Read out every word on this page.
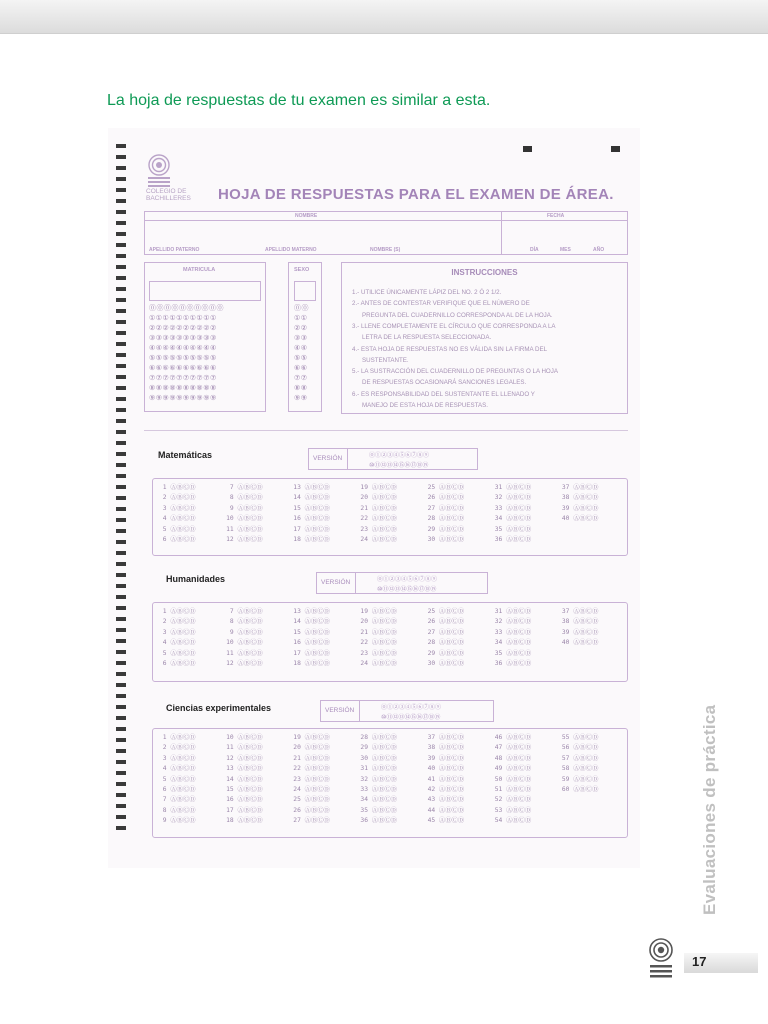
La hoja de respuestas de tu examen es similar a esta.
COLEGIO DE BACHILLERES	HOJA DE RESPUESTAS PARA EL EXAMEN DE ÁREA.
NOMBRE	FECHA
APELLIDO PATERNO	APELLIDO MATERNO	NOMBRE (S)	DÍA	MES	AÑO
MATRICULA
⓪⓪⓪⓪⓪⓪⓪⓪⓪⓪
①①①①①①①①①①
②②②②②②②②②②
③③③③③③③③③③
④④④④④④④④④④
⑤⑤⑤⑤⑤⑤⑤⑤⑤⑤
⑥⑥⑥⑥⑥⑥⑥⑥⑥⑥
⑦⑦⑦⑦⑦⑦⑦⑦⑦⑦
⑧⑧⑧⑧⑧⑧⑧⑧⑧⑧
⑨⑨⑨⑨⑨⑨⑨⑨⑨⑨
SEXO
⓪⓪
①①
②②
③③
④④
⑤⑤
⑥⑥
⑦⑦
⑧⑧
⑨⑨
INSTRUCCIONES
1.- UTILICE ÚNICAMENTE LÁPIZ DEL NO. 2 Ó 2 1/2.
2.- ANTES DE CONTESTAR VERIFIQUE QUE EL NÚMERO DE
PREGUNTA DEL CUADERNILLO CORRESPONDA AL DE LA HOJA.
3.- LLENE COMPLETAMENTE EL CÍRCULO QUE CORRESPONDA A LA
LETRA DE LA RESPUESTA SELECCIONADA.
4.- ESTA HOJA DE RESPUESTAS NO ES VÁLIDA SIN LA FIRMA DEL
SUSTENTANTE.
5.- LA SUSTRACCIÓN DEL CUADERNILLO DE PREGUNTAS O LA HOJA
DE RESPUESTAS OCASIONARÁ SANCIONES LEGALES.
6.- ES RESPONSABILIDAD DEL SUSTENTANTE EL LLENADO Y
MANEJO DE ESTA HOJA DE RESPUESTAS.
Matemáticas	VERSIÓN	⓪①②③④⑤⑥⑦⑧⑨
⑩⑪⑫⑬⑭⑮⑯⑰⑱⑲
 1 ⒶⒷⒸⒹ
 2 ⒶⒷⒸⒹ
 3 ⒶⒷⒸⒹ
 4 ⒶⒷⒸⒹ
 5 ⒶⒷⒸⒹ
 6 ⒶⒷⒸⒹ
 7 ⒶⒷⒸⒹ
 8 ⒶⒷⒸⒹ
 9 ⒶⒷⒸⒹ
10 ⒶⒷⒸⒹ
11 ⒶⒷⒸⒹ
12 ⒶⒷⒸⒹ
13 ⒶⒷⒸⒹ
14 ⒶⒷⒸⒹ
15 ⒶⒷⒸⒹ
16 ⒶⒷⒸⒹ
17 ⒶⒷⒸⒹ
18 ⒶⒷⒸⒹ
19 ⒶⒷⒸⒹ
20 ⒶⒷⒸⒹ
21 ⒶⒷⒸⒹ
22 ⒶⒷⒸⒹ
23 ⒶⒷⒸⒹ
24 ⒶⒷⒸⒹ
25 ⒶⒷⒸⒹ
26 ⒶⒷⒸⒹ
27 ⒶⒷⒸⒹ
28 ⒶⒷⒸⒹ
29 ⒶⒷⒸⒹ
30 ⒶⒷⒸⒹ
31 ⒶⒷⒸⒹ
32 ⒶⒷⒸⒹ
33 ⒶⒷⒸⒹ
34 ⒶⒷⒸⒹ
35 ⒶⒷⒸⒹ
36 ⒶⒷⒸⒹ
37 ⒶⒷⒸⒹ
38 ⒶⒷⒸⒹ
39 ⒶⒷⒸⒹ
40 ⒶⒷⒸⒹ
Humanidades	VERSIÓN	⓪①②③④⑤⑥⑦⑧⑨
⑩⑪⑫⑬⑭⑮⑯⑰⑱⑲
 1 ⒶⒷⒸⒹ
 2 ⒶⒷⒸⒹ
 3 ⒶⒷⒸⒹ
 4 ⒶⒷⒸⒹ
 5 ⒶⒷⒸⒹ
 6 ⒶⒷⒸⒹ
 7 ⒶⒷⒸⒹ
 8 ⒶⒷⒸⒹ
 9 ⒶⒷⒸⒹ
10 ⒶⒷⒸⒹ
11 ⒶⒷⒸⒹ
12 ⒶⒷⒸⒹ
13 ⒶⒷⒸⒹ
14 ⒶⒷⒸⒹ
15 ⒶⒷⒸⒹ
16 ⒶⒷⒸⒹ
17 ⒶⒷⒸⒹ
18 ⒶⒷⒸⒹ
19 ⒶⒷⒸⒹ
20 ⒶⒷⒸⒹ
21 ⒶⒷⒸⒹ
22 ⒶⒷⒸⒹ
23 ⒶⒷⒸⒹ
24 ⒶⒷⒸⒹ
25 ⒶⒷⒸⒹ
26 ⒶⒷⒸⒹ
27 ⒶⒷⒸⒹ
28 ⒶⒷⒸⒹ
29 ⒶⒷⒸⒹ
30 ⒶⒷⒸⒹ
31 ⒶⒷⒸⒹ
32 ⒶⒷⒸⒹ
33 ⒶⒷⒸⒹ
34 ⒶⒷⒸⒹ
35 ⒶⒷⒸⒹ
36 ⒶⒷⒸⒹ
37 ⒶⒷⒸⒹ
38 ⒶⒷⒸⒹ
39 ⒶⒷⒸⒹ
40 ⒶⒷⒸⒹ
Ciencias experimentales	VERSIÓN	⓪①②③④⑤⑥⑦⑧⑨
⑩⑪⑫⑬⑭⑮⑯⑰⑱⑲
 1 ⒶⒷⒸⒹ
 2 ⒶⒷⒸⒹ
 3 ⒶⒷⒸⒹ
 4 ⒶⒷⒸⒹ
 5 ⒶⒷⒸⒹ
 6 ⒶⒷⒸⒹ
 7 ⒶⒷⒸⒹ
 8 ⒶⒷⒸⒹ
 9 ⒶⒷⒸⒹ
10 ⒶⒷⒸⒹ
11 ⒶⒷⒸⒹ
12 ⒶⒷⒸⒹ
13 ⒶⒷⒸⒹ
14 ⒶⒷⒸⒹ
15 ⒶⒷⒸⒹ
16 ⒶⒷⒸⒹ
17 ⒶⒷⒸⒹ
18 ⒶⒷⒸⒹ
19 ⒶⒷⒸⒹ
20 ⒶⒷⒸⒹ
21 ⒶⒷⒸⒹ
22 ⒶⒷⒸⒹ
23 ⒶⒷⒸⒹ
24 ⒶⒷⒸⒹ
25 ⒶⒷⒸⒹ
26 ⒶⒷⒸⒹ
27 ⒶⒷⒸⒹ
28 ⒶⒷⒸⒹ
29 ⒶⒷⒸⒹ
30 ⒶⒷⒸⒹ
31 ⒶⒷⒸⒹ
32 ⒶⒷⒸⒹ
33 ⒶⒷⒸⒹ
34 ⒶⒷⒸⒹ
35 ⒶⒷⒸⒹ
36 ⒶⒷⒸⒹ
37 ⒶⒷⒸⒹ
38 ⒶⒷⒸⒹ
39 ⒶⒷⒸⒹ
40 ⒶⒷⒸⒹ
41 ⒶⒷⒸⒹ
42 ⒶⒷⒸⒹ
43 ⒶⒷⒸⒹ
44 ⒶⒷⒸⒹ
45 ⒶⒷⒸⒹ
46 ⒶⒷⒸⒹ
47 ⒶⒷⒸⒹ
48 ⒶⒷⒸⒹ
49 ⒶⒷⒸⒹ
50 ⒶⒷⒸⒹ
51 ⒶⒷⒸⒹ
52 ⒶⒷⒸⒹ
53 ⒶⒷⒸⒹ
54 ⒶⒷⒸⒹ
55 ⒶⒷⒸⒹ
56 ⒶⒷⒸⒹ
57 ⒶⒷⒸⒹ
58 ⒶⒷⒸⒹ
59 ⒶⒷⒸⒹ
60 ⒶⒷⒸⒹ	Evaluaciones de práctica
17
